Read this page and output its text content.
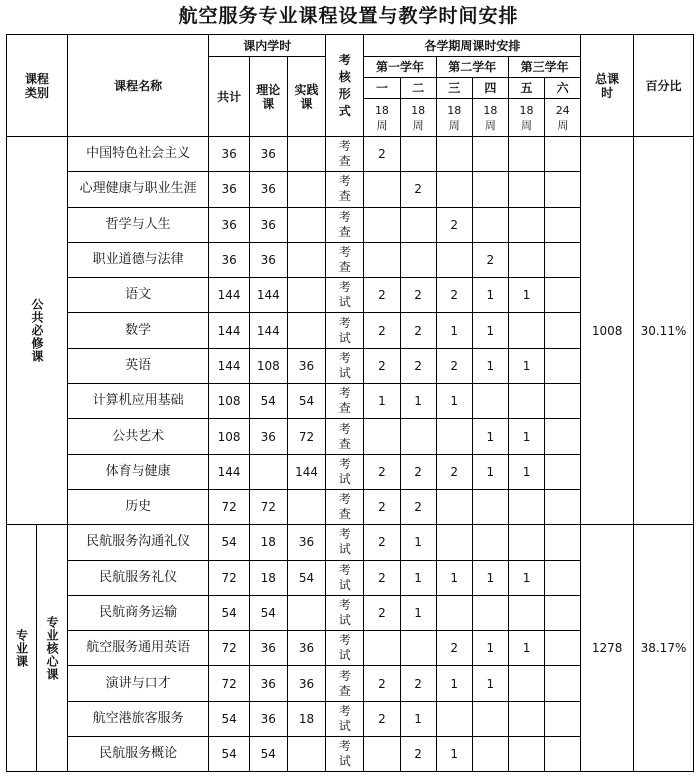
航空服务专业课程设置与教学时间安排
课程类别		课程名称	课内学时			考核形式	各学期周课时安排						总课时	百分比
			共计	理论课	实践课		第一学年		第二学年		第三学年			
							一	二	三	四	五	六		
							18周	18周	18周	18周	18周	24周		

公共必修课		中国特色社会主义	36	36		考查	2						1008	30.11%
		心理健康与职业生涯	36	36		考查		2						
		哲学与人生	36	36		考查			2					
		职业道德与法律	36	36		考查				2				
		语文	144	144		考试	2	2	2	1	1			
		数学	144	144		考试	2	2	1	1				
		英语	144	108	36	考试	2	2	2	1	1			
		计算机应用基础	108	54	54	考查	1	1	1					
		公共艺术	108	36	72	考查				1	1			
		体育与健康	144		144	考试	2	2	2	1	1			
		历史	72	72		考查	2	2						

专业课	专业核心课	民航服务沟通礼仪	54	18	36	考试	2	1					1278	38.17%
		民航服务礼仪	72	18	54	考试	2	1	1	1	1			
		民航商务运输	54	54		考试	2	1						
		航空服务通用英语	72	36	36	考试			2	1	1			
		演讲与口才	72	36	36	考查	2	2	1	1				
		航空港旅客服务	54	36	18	考试	2	1						
		民航服务概论	54	54		考试		2	1					
